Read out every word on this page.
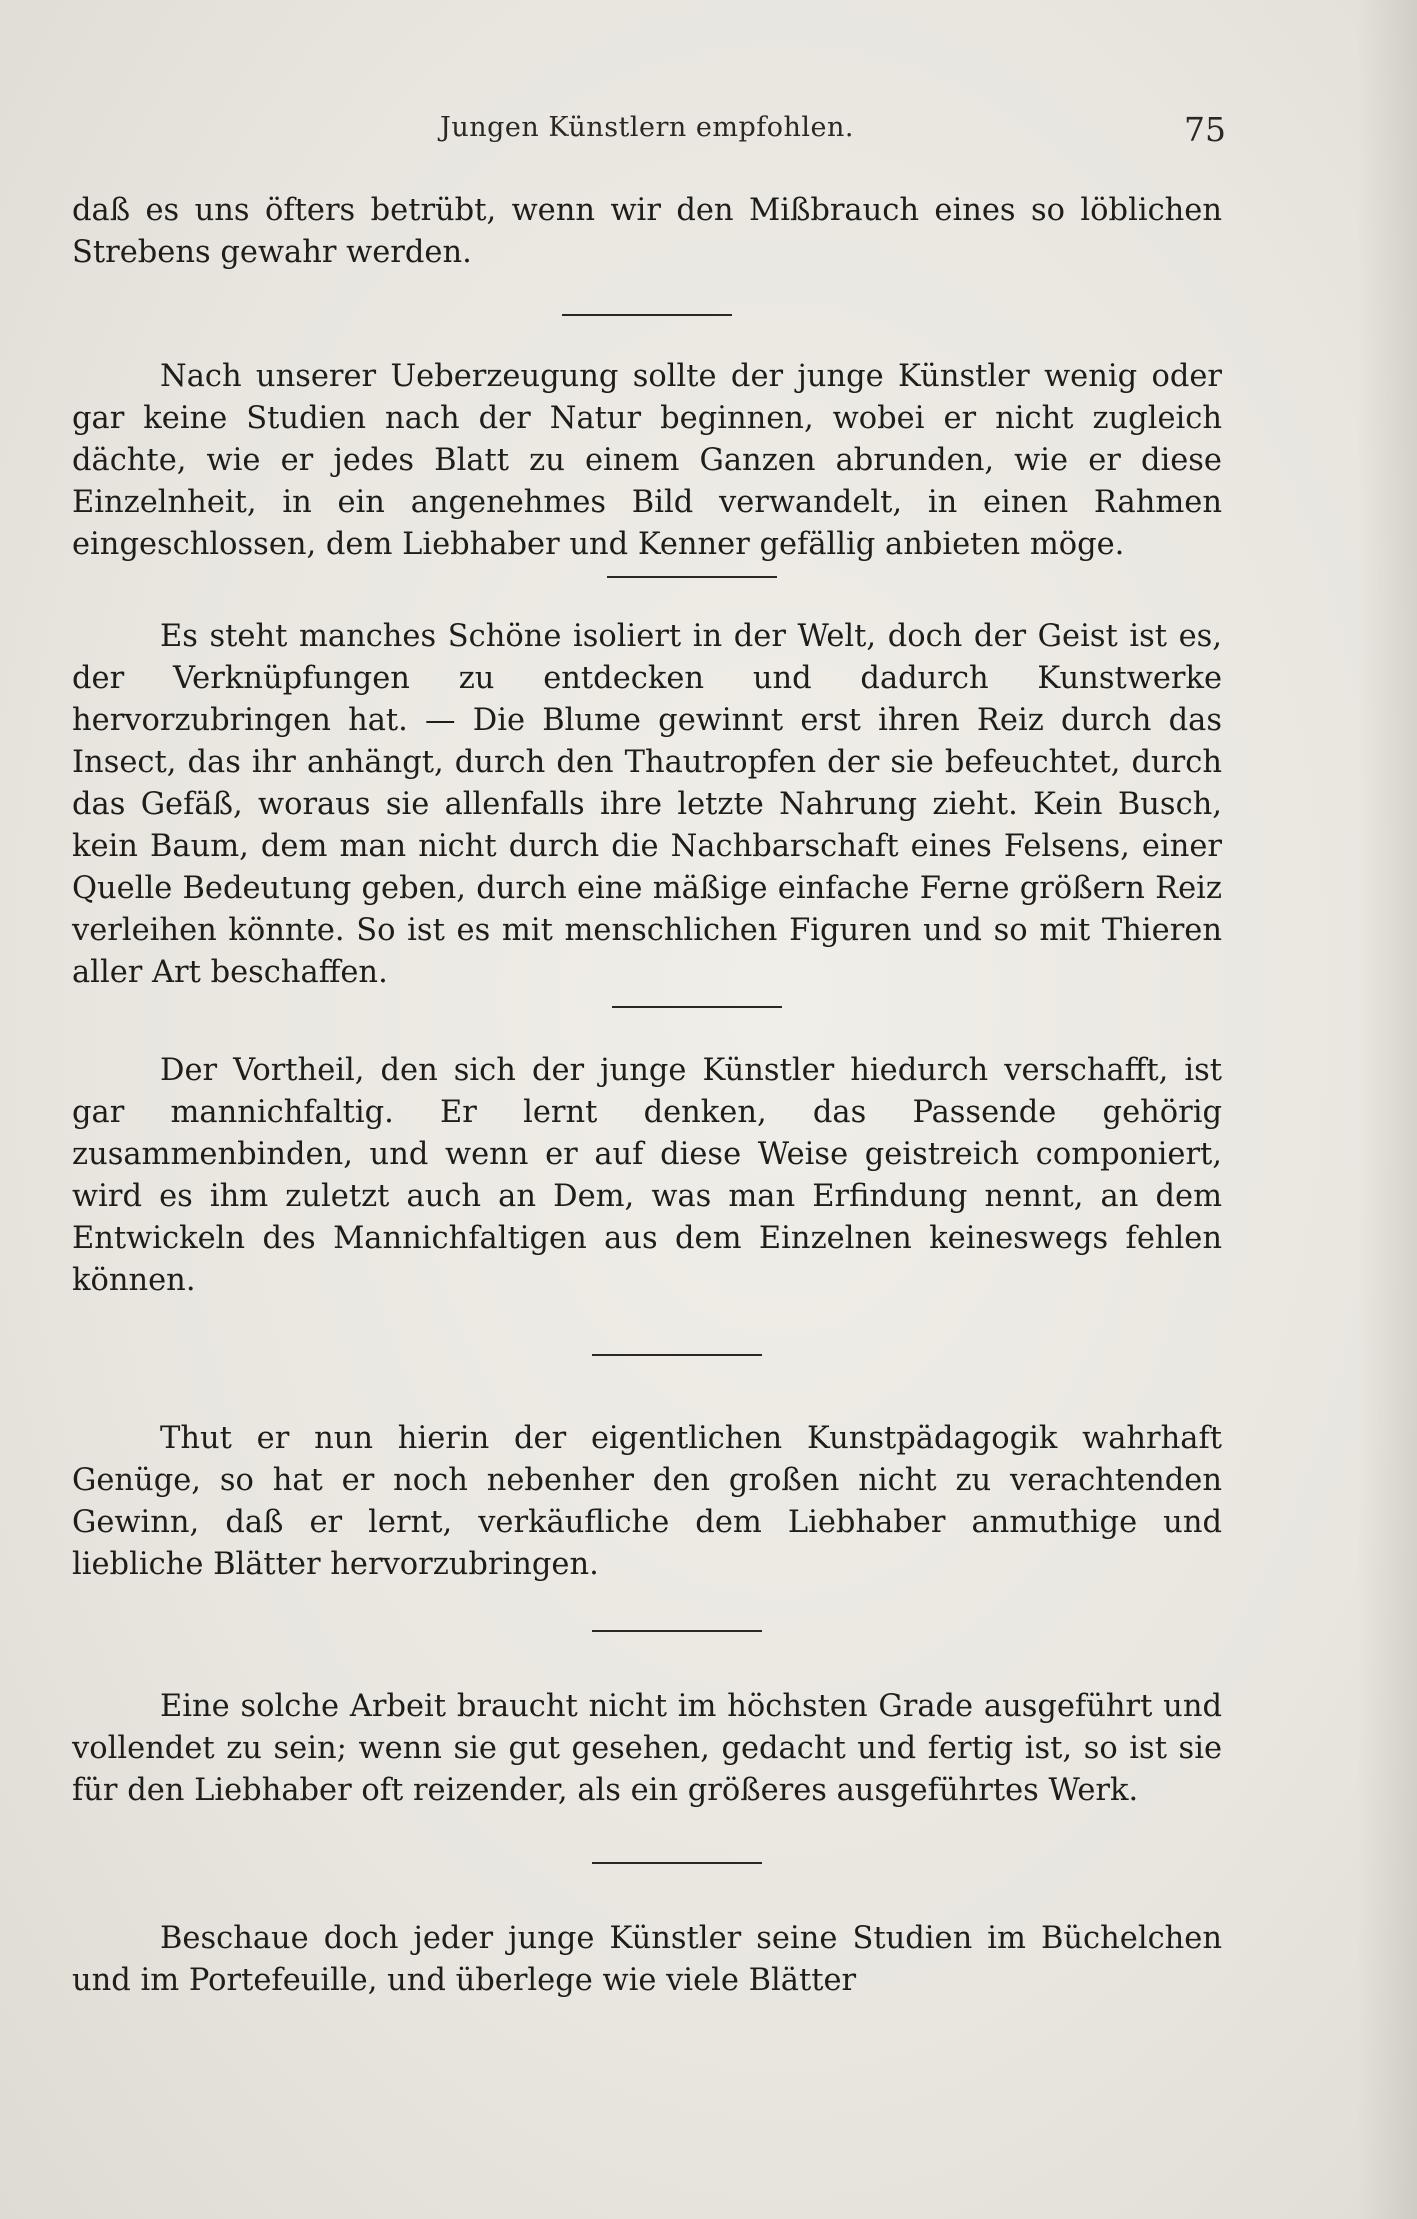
Jungen Künstlern empfohlen.	75

daß es uns öfters betrübt, wenn wir den Mißbrauch eines so löblichen Strebens gewahr werden.

Nach unserer Ueberzeugung sollte der junge Künstler wenig oder gar keine Studien nach der Natur beginnen, wobei er nicht zugleich dächte, wie er jedes Blatt zu einem Ganzen abrunden, wie er diese Einzelnheit, in ein angenehmes Bild verwandelt, in einen Rahmen eingeschlossen, dem Liebhaber und Kenner gefällig anbieten möge.

Es steht manches Schöne isoliert in der Welt, doch der Geist ist es, der Verknüpfungen zu entdecken und dadurch Kunstwerke hervorzubringen hat. — Die Blume gewinnt erst ihren Reiz durch das Insect, das ihr anhängt, durch den Thautropfen der sie befeuchtet, durch das Gefäß, woraus sie allenfalls ihre letzte Nahrung zieht. Kein Busch, kein Baum, dem man nicht durch die Nachbarschaft eines Felsens, einer Quelle Bedeutung geben, durch eine mäßige einfache Ferne größern Reiz verleihen könnte. So ist es mit menschlichen Figuren und so mit Thieren aller Art beschaffen.

Der Vortheil, den sich der junge Künstler hiedurch verschafft, ist gar mannichfaltig. Er lernt denken, das Passende gehörig zusammenbinden, und wenn er auf diese Weise geistreich componiert, wird es ihm zuletzt auch an Dem, was man Erfindung nennt, an dem Entwickeln des Mannichfaltigen aus dem Einzelnen keineswegs fehlen können.

Thut er nun hierin der eigentlichen Kunstpädagogik wahrhaft Genüge, so hat er noch nebenher den großen nicht zu verachtenden Gewinn, daß er lernt, verkäufliche dem Liebhaber anmuthige und liebliche Blätter hervorzubringen.

Eine solche Arbeit braucht nicht im höchsten Grade ausgeführt und vollendet zu sein; wenn sie gut gesehen, gedacht und fertig ist, so ist sie für den Liebhaber oft reizender, als ein größeres ausgeführtes Werk.

Beschaue doch jeder junge Künstler seine Studien im Büchelchen und im Portefeuille, und überlege wie viele Blätter
